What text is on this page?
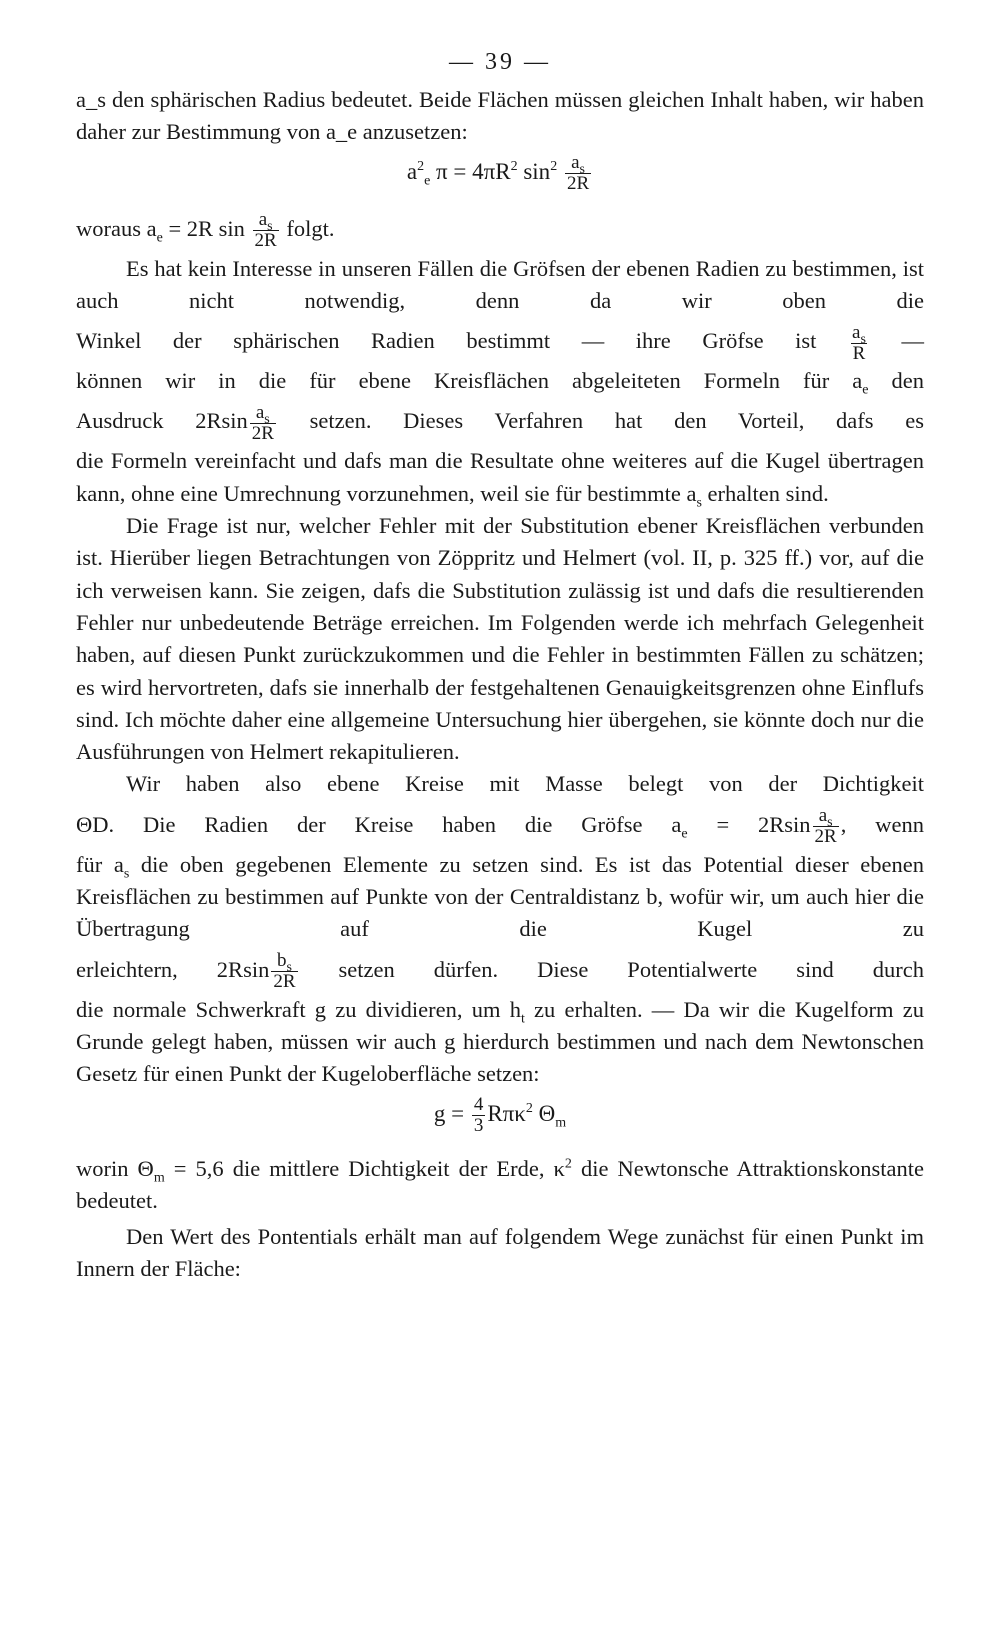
— 39 —

a_s den sphärischen Radius bedeutet. Beide Flächen müssen gleichen Inhalt haben, wir haben daher zur Bestimmung von a_e anzusetzen:

$a^2_e$ $\pi = 4\pi R^2$ $\sin^2 \frac{a_s}{2R}$

woraus $a_e = 2R$ $\sin \frac{a_s}{2R} folgt$.

Es hat kein Interesse in unseren Fällen die Gröfsen der ebenen Radien zu bestimmen, ist auch nicht notwendig, denn da wir oben die

Winkel der sphärischen Radien bestimmt — ihre Gröfse ist $\frac{a_s}{R}$ —

können wir in die für ebene Kreisflächen abgeleiteten Formeln für $a_e$ den

Ausdruck $2Rsin \frac{a_s}{2R}$ setzen. Dieses Verfahren hat den Vorteil, dafs es

die Formeln vereinfacht und dafs man die Resultate ohne weiteres auf die Kugel übertragen kann, ohne eine Umrechnung vorzunehmen, weil sie für bestimmte $a_s$ erhalten sind.

Die Frage ist nur, welcher Fehler mit der Substitution ebener Kreisflächen verbunden ist. Hierüber liegen Betrachtungen von Zöppritz und Helmert (vol. II, p. 325 ff.) vor, auf die ich verweisen kann. Sie zeigen, dafs die Substitution zulässig ist und dafs die resultierenden Fehler nur unbedeutende Beträge erreichen. Im Folgenden werde ich mehrfach Gelegenheit haben, auf diesen Punkt zurückzukommen und die Fehler in bestimmten Fällen zu schätzen; es wird hervortreten, dafs sie innerhalb der festgehaltenen Genauigkeitsgrenzen ohne Einflufs sind. Ich möchte daher eine allgemeine Untersuchung hier übergehen, sie könnte doch nur die Ausführungen von Helmert rekapitulieren.

Wir haben also ebene Kreise mit Masse belegt von der Dichtigkeit

ΘD. Die Radien der Kreise haben die Gröfse $a_e = 2Rsin \frac{a_s}{2R}$ , wenn

für $a_s$ die oben gegebenen Elemente zu setzen sind. Es ist das Potential dieser ebenen Kreisflächen zu bestimmen auf Punkte von der Centraldistanz b, wofür wir, um auch hier die Übertragung auf die Kugel zu

erleichtern, $2Rsin \frac{b_s}{2R}$ setzen dürfen. Diese Potentialwerte sind durch

die normale Schwerkraft g zu dividieren, um $h_t$ zu erhalten. — Da wir die Kugelform zu Grunde gelegt haben, müssen wir auch g hierdurch bestimmen und nach dem Newtonschen Gesetz für einen Punkt der Kugeloberfläche setzen:

$g = \frac{4}{3} R\pi\kappa^2$ $\Theta_m$

worin $\Theta_m = 5,6$ die mittlere Dichtigkeit der Erde, $\kappa^2$ die Newtonsche Attraktionskonstante bedeutet.

Den Wert des Pontentials erhält man auf folgendem Wege zunächst für einen Punkt im Innern der Fläche:
